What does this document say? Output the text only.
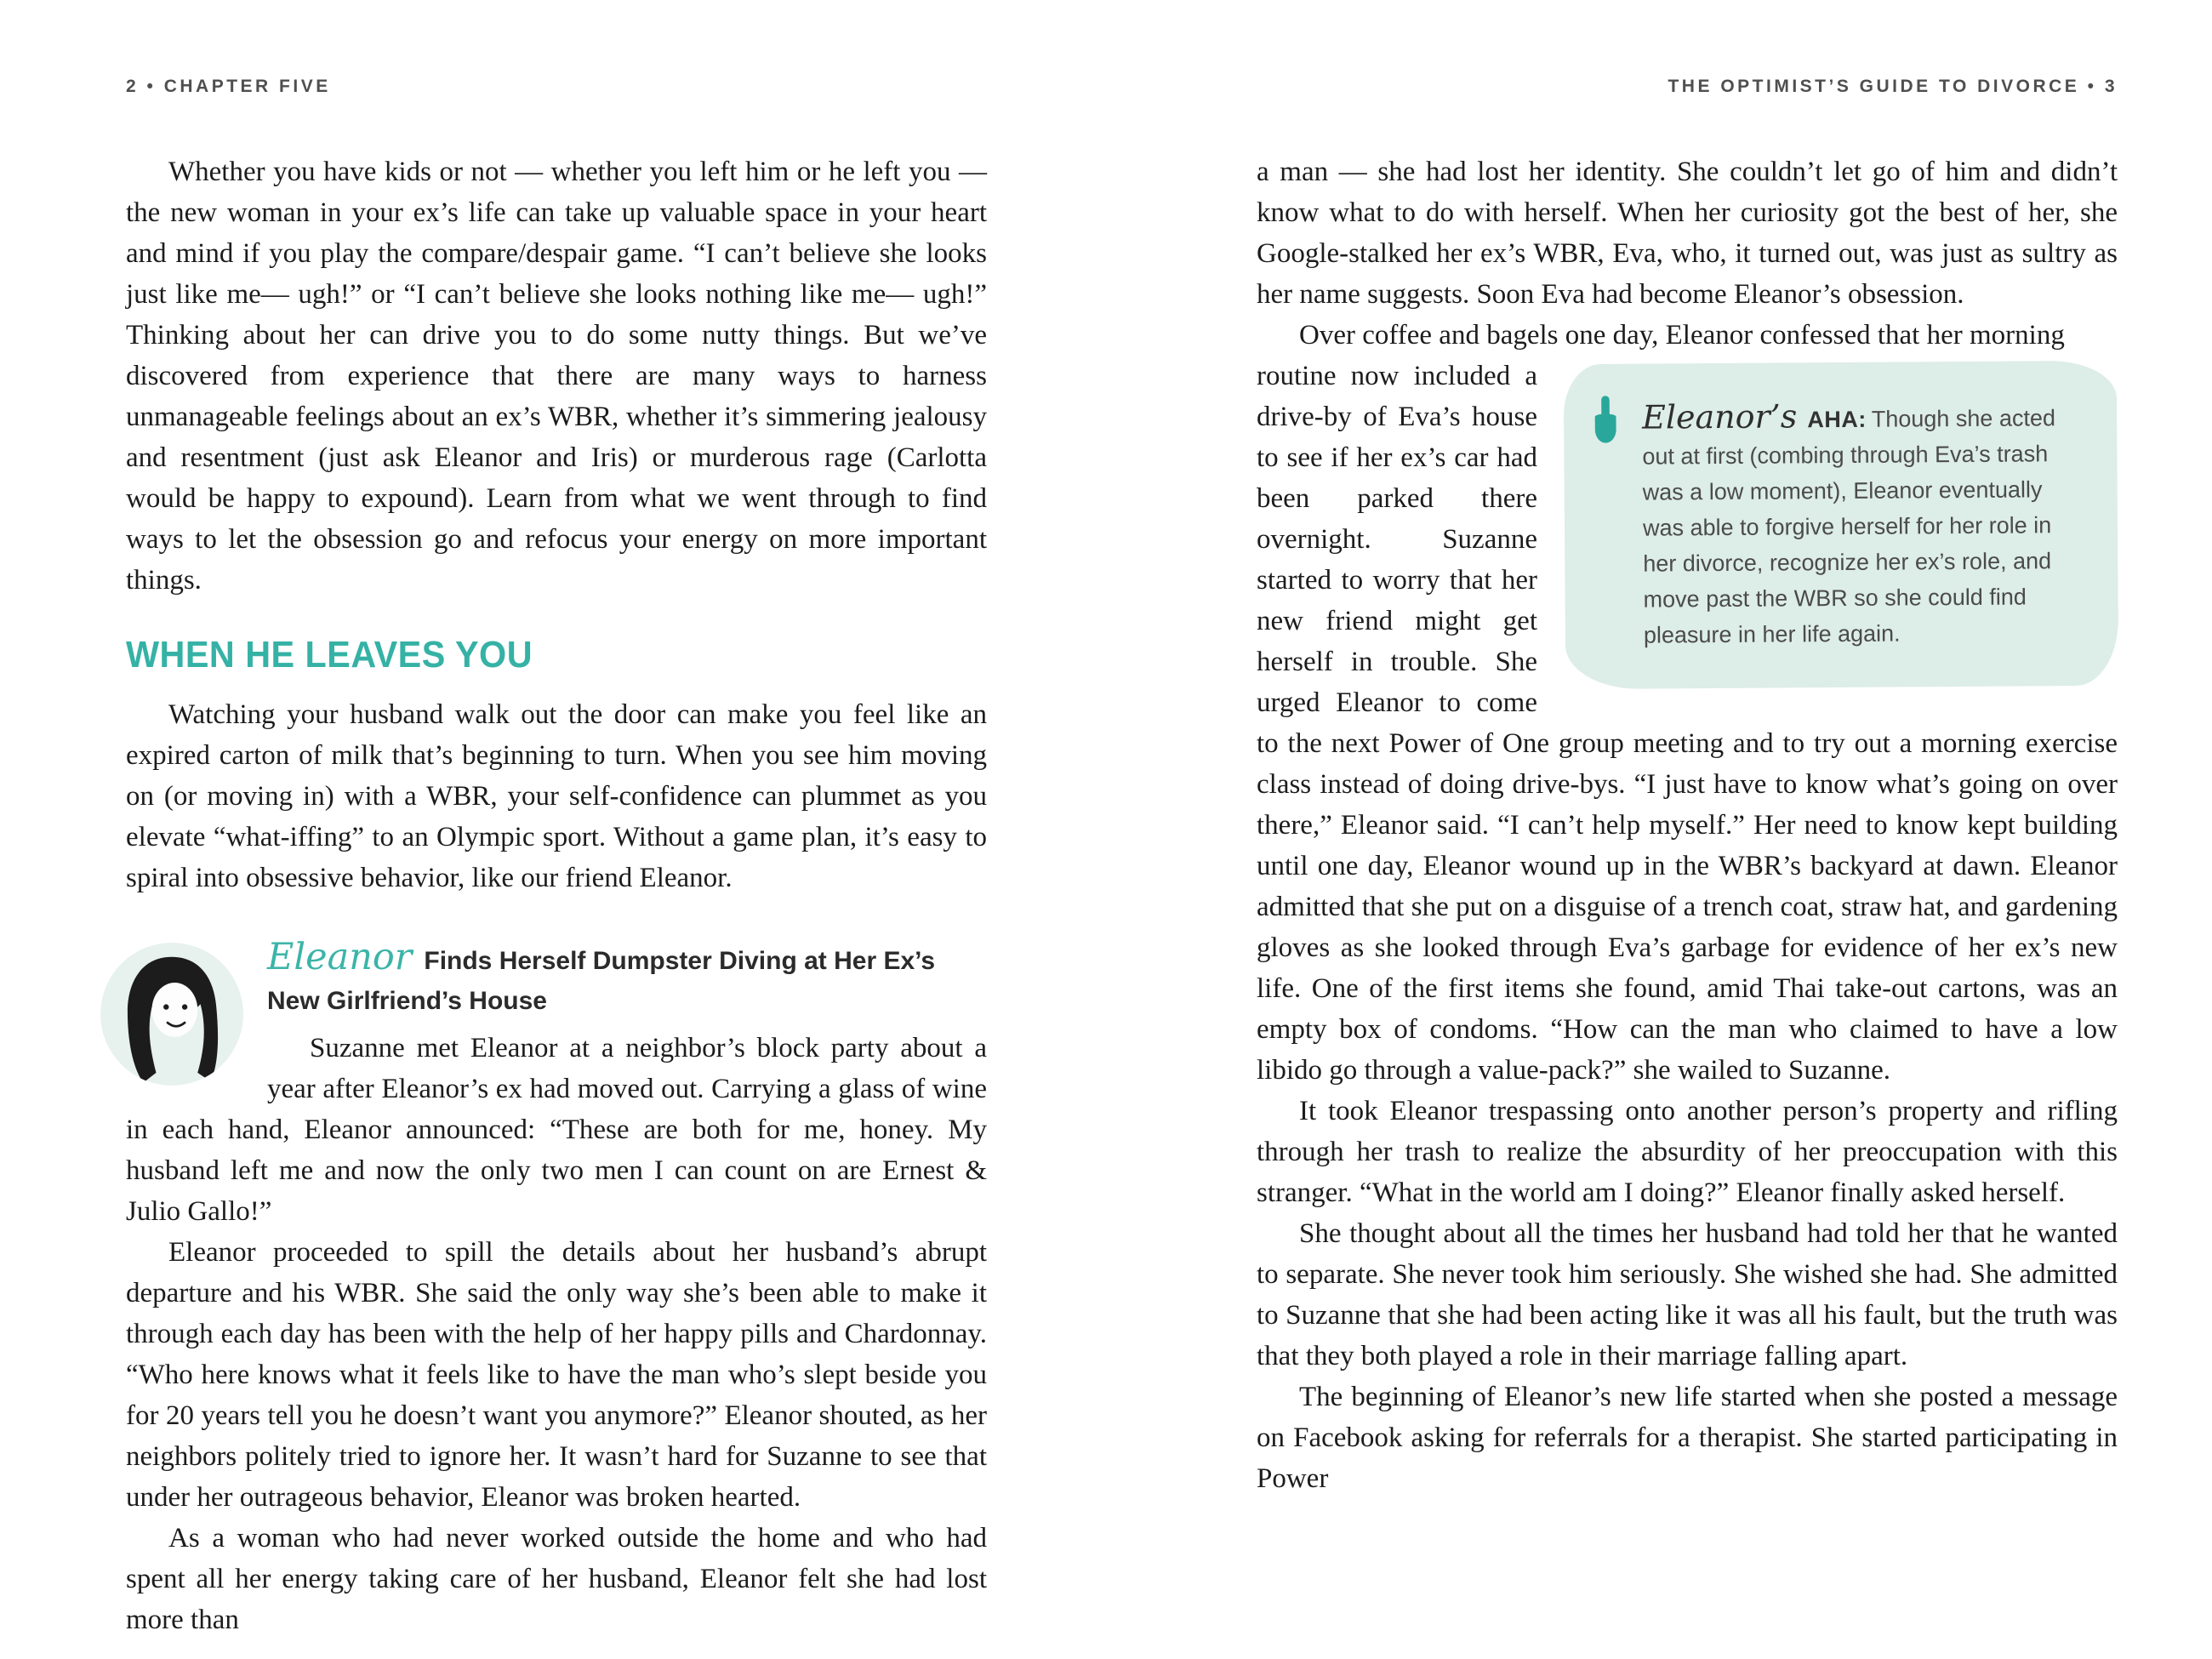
2 • CHAPTER FIVE

Whether you have kids or not — whether you left him or he left you — the new woman in your ex’s life can take up valuable space in your heart and mind if you play the compare/despair game. “I can’t believe she looks just like me— ugh!” or “I can’t believe she looks nothing like me— ugh!” Thinking about her can drive you to do some nutty things. But we’ve discovered from experience that there are many ways to harness unmanageable feelings about an ex’s WBR, whether it’s simmering jealousy and resentment (just ask Eleanor and Iris) or murderous rage (Carlotta would be happy to expound). Learn from what we went through to find ways to let the obsession go and refocus your energy on more important things.

WHEN HE LEAVES YOU

Watching your husband walk out the door can make you feel like an expired carton of milk that’s beginning to turn. When you see him moving on (or moving in) with a WBR, your self-confidence can plummet as you elevate “what-iffing” to an Olympic sport. Without a game plan, it’s easy to spiral into obsessive behavior, like our friend Eleanor.

Eleanor Finds Herself Dumpster Diving at Her Ex’s New Girlfriend’s House

Suzanne met Eleanor at a neighbor’s block party about a year after Eleanor’s ex had moved out. Carrying a glass of wine in each hand, Eleanor announced: “These are both for me, honey. My husband left me and now the only two men I can count on are Ernest & Julio Gallo!”

Eleanor proceeded to spill the details about her husband’s abrupt departure and his WBR. She said the only way she’s been able to make it through each day has been with the help of her happy pills and Chardonnay. “Who here knows what it feels like to have the man who’s slept beside you for 20 years tell you he doesn’t want you anymore?” Eleanor shouted, as her neighbors politely tried to ignore her. It wasn’t hard for Suzanne to see that under her outrageous behavior, Eleanor was broken hearted.

As a woman who had never worked outside the home and who had spent all her energy taking care of her husband, Eleanor felt she had lost more than

THE OPTIMIST’S GUIDE TO DIVORCE • 3

a man — she had lost her identity. She couldn’t let go of him and didn’t know what to do with herself. When her curiosity got the best of her, she Google-stalked her ex’s WBR, Eva, who, it turned out, was just as sultry as her name suggests. Soon Eva had become Eleanor’s obsession.

Over coffee and bagels one day, Eleanor confessed that her morning

Eleanor’s AHA: Though she acted out at first (combing through Eva’s trash was a low moment), Eleanor eventually was able to forgive herself for her role in her divorce, recognize her ex’s role, and move past the WBR so she could find pleasure in her life again.
routine now included a drive-by of Eva’s house to see if her ex’s car had been parked there overnight. Suzanne started to worry that her new friend might get herself in trouble. She urged Eleanor to come to the next Power of One group meeting and to try out a morning exercise class instead of doing drive-bys. “I just have to know what’s going on over there,” Eleanor said. “I can’t help myself.” Her need to know kept building until one day, Eleanor wound up in the WBR’s backyard at dawn. Eleanor admitted that she put on a disguise of a trench coat, straw hat, and gardening gloves as she looked through Eva’s garbage for evidence of her ex’s new life. One of the first items she found, amid Thai take-out cartons, was an empty box of condoms. “How can the man who claimed to have a low libido go through a value-pack?” she wailed to Suzanne.

It took Eleanor trespassing onto another person’s property and rifling through her trash to realize the absurdity of her preoccupation with this stranger. “What in the world am I doing?” Eleanor finally asked herself.

She thought about all the times her husband had told her that he wanted to separate. She never took him seriously. She wished she had. She admitted to Suzanne that she had been acting like it was all his fault, but the truth was that they both played a role in their marriage falling apart.

The beginning of Eleanor’s new life started when she posted a message on Facebook asking for referrals for a therapist. She started participating in Power
